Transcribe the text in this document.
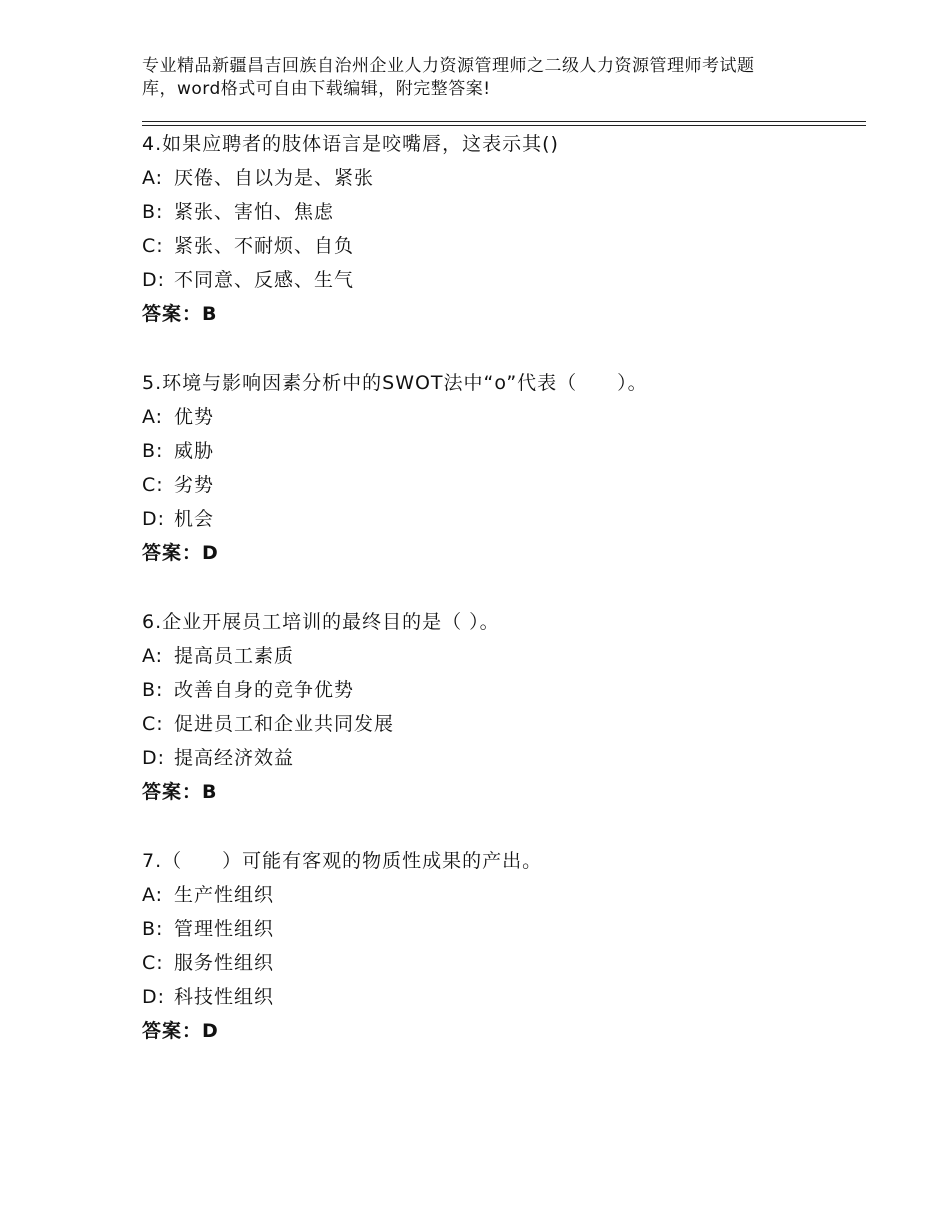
专业精品新疆昌吉回族自治州企业人力资源管理师之二级人力资源管理师考试题
库，word格式可自由下载编辑，附完整答案!
4.如果应聘者的肢体语言是咬嘴唇，这表示其()
A: 厌倦、自以为是、紧张
B: 紧张、害怕、焦虑
C: 紧张、不耐烦、自负
D: 不同意、反感、生气
答案：B
5.环境与影响因素分析中的SWOT法中“o”代表（　　）。
A: 优势
B: 威胁
C: 劣势
D: 机会
答案：D
6.企业开展员工培训的最终目的是（ ）。
A: 提高员工素质
B: 改善自身的竞争优势
C: 促进员工和企业共同发展
D: 提高经济效益
答案：B
7.（　　）可能有客观的物质性成果的产出。
A: 生产性组织
B: 管理性组织
C: 服务性组织
D: 科技性组织
答案：D
